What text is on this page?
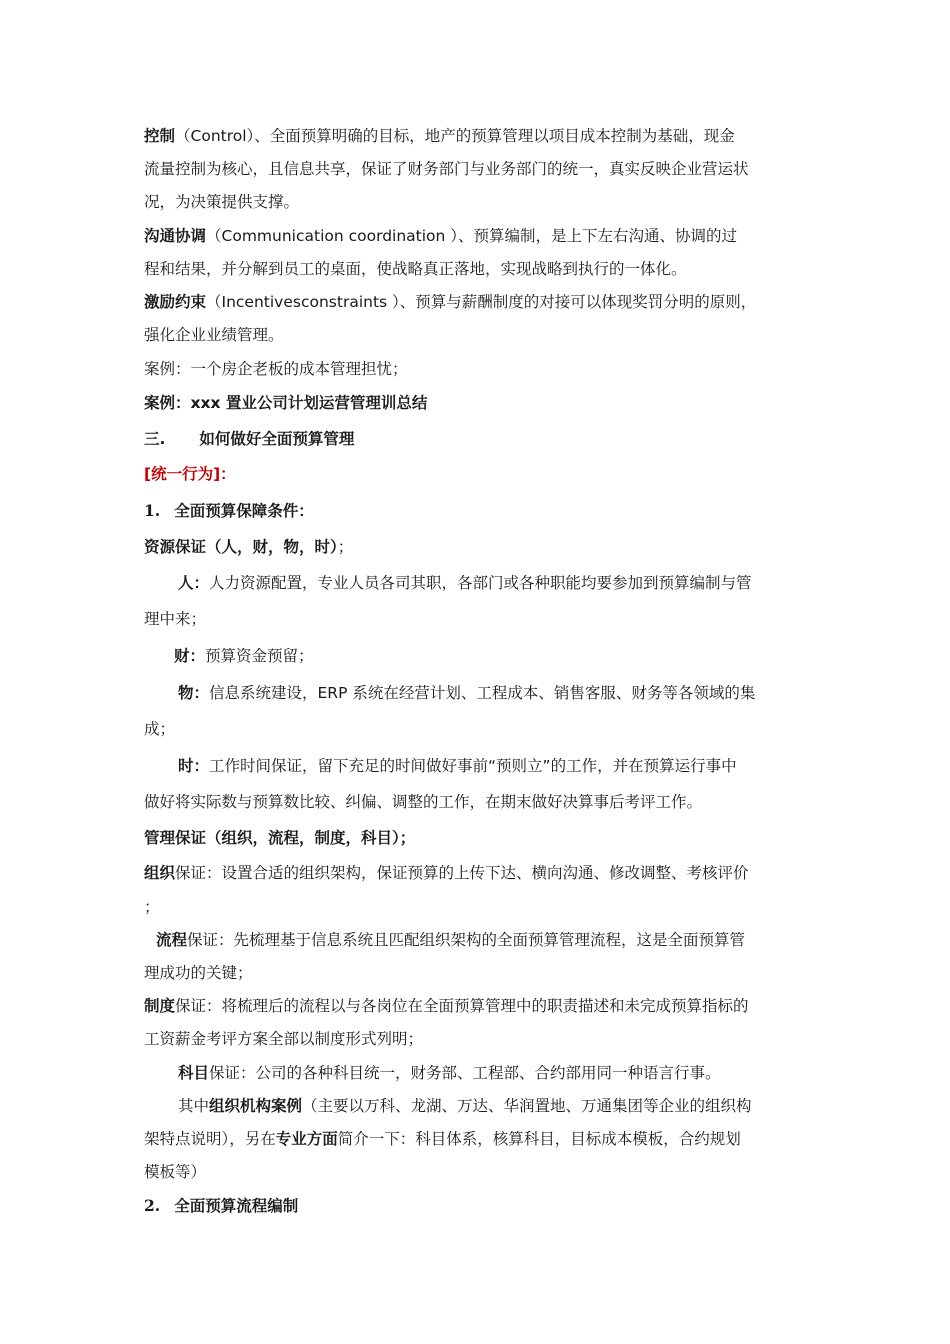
控制（Control）、全面预算明确的目标，地产的预算管理以项目成本控制为基础，现金
流量控制为核心，且信息共享，保证了财务部门与业务部门的统一，真实反映企业营运状
况，为决策提供支撑。
沟通协调（Communication coordination ）、预算编制，是上下左右沟通、协调的过
程和结果，并分解到员工的桌面，使战略真正落地，实现战略到执行的一体化。
激励约束（Incentivesconstraints ）、预算与薪酬制度的对接可以体现奖罚分明的原则，
强化企业业绩管理。
案例：一个房企老板的成本管理担忧；
案例：xxx 置业公司计划运营管理训总结
三. 如何做好全面预算管理
[统一行为]：
1. 全面预算保障条件：
资源保证（人，财，物，时）；
人：人力资源配置，专业人员各司其职，各部门或各种职能均要参加到预算编制与管
理中来；
财：预算资金预留；
物：信息系统建设，ERP 系统在经营计划、工程成本、销售客服、财务等各领域的集
成；
时：工作时间保证，留下充足的时间做好事前“预则立”的工作，并在预算运行事中
做好将实际数与预算数比较、纠偏、调整的工作，在期末做好决算事后考评工作。
管理保证（组织，流程，制度，科目）；
组织保证：设置合适的组织架构，保证预算的上传下达、横向沟通、修改调整、考核评价
；
流程保证：先梳理基于信息系统且匹配组织架构的全面预算管理流程，这是全面预算管
理成功的关键；
制度保证：将梳理后的流程以与各岗位在全面预算管理中的职责描述和未完成预算指标的
工资薪金考评方案全部以制度形式列明；
科目保证：公司的各种科目统一，财务部、工程部、合约部用同一种语言行事。
其中组织机构案例（主要以万科、龙湖、万达、华润置地、万通集团等企业的组织构
架特点说明），另在专业方面简介一下：科目体系，核算科目，目标成本模板，合约规划
模板等）
2. 全面预算流程编制
